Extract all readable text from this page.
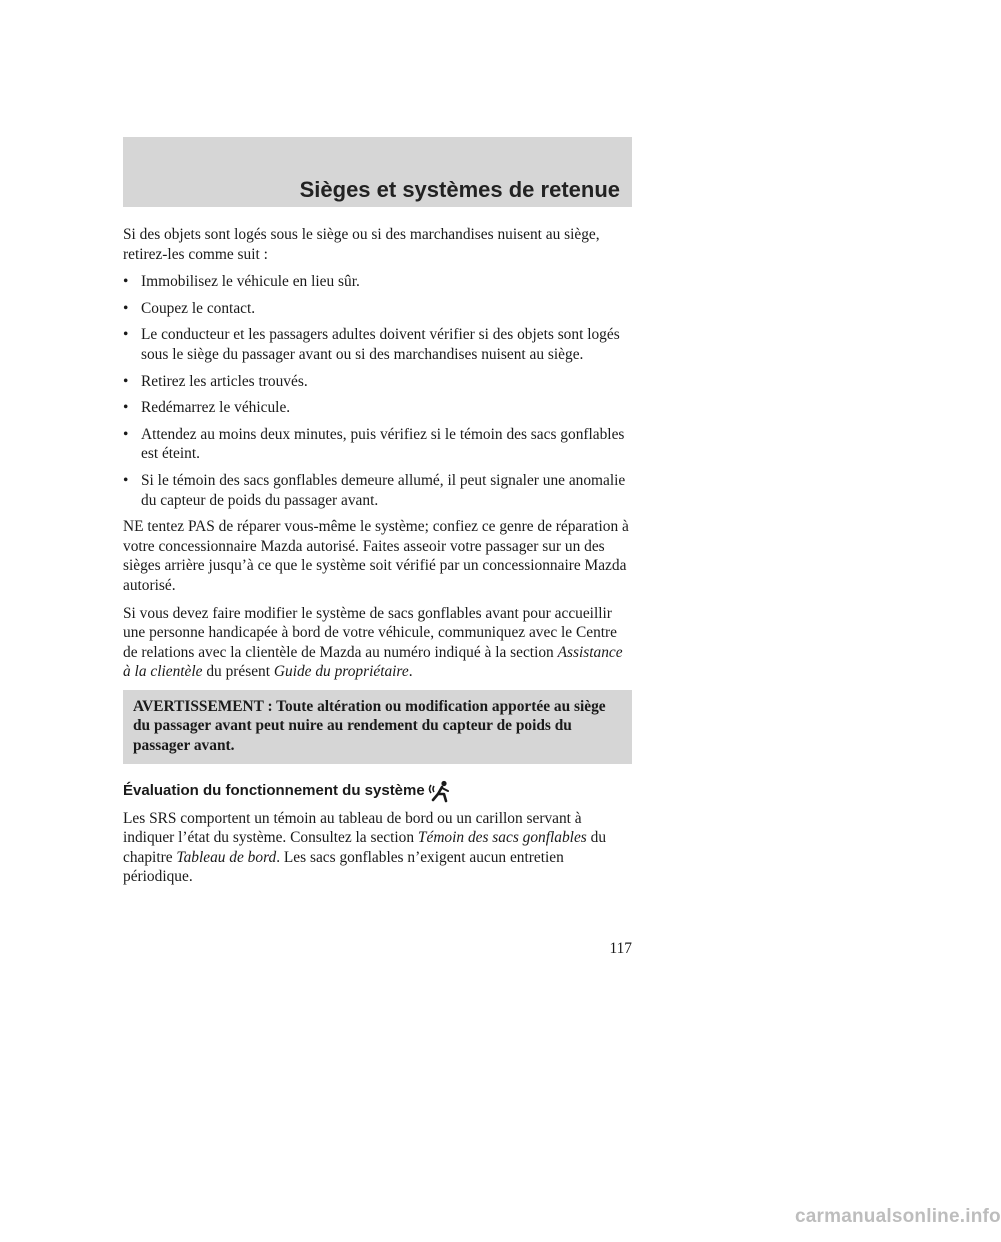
Sièges et systèmes de retenue

Si des objets sont logés sous le siège ou si des marchandises nuisent au siège, retirez-les comme suit :

• Immobilisez le véhicule en lieu sûr.
• Coupez le contact.
• Le conducteur et les passagers adultes doivent vérifier si des objets sont logés sous le siège du passager avant ou si des marchandises nuisent au siège.
• Retirez les articles trouvés.
• Redémarrez le véhicule.
• Attendez au moins deux minutes, puis vérifiez si le témoin des sacs gonflables est éteint.
• Si le témoin des sacs gonflables demeure allumé, il peut signaler une anomalie du capteur de poids du passager avant.

NE tentez PAS de réparer vous-même le système; confiez ce genre de réparation à votre concessionnaire Mazda autorisé. Faites asseoir votre passager sur un des sièges arrière jusqu’à ce que le système soit vérifié par un concessionnaire Mazda autorisé.

Si vous devez faire modifier le système de sacs gonflables avant pour accueillir une personne handicapée à bord de votre véhicule, communiquez avec le Centre de relations avec la clientèle de Mazda au numéro indiqué à la section Assistance à la clientèle du présent Guide du propriétaire.

AVERTISSEMENT : Toute altération ou modification apportée au siège du passager avant peut nuire au rendement du capteur de poids du passager avant.
Évaluation du fonctionnement du système

Les SRS comportent un témoin au tableau de bord ou un carillon servant à indiquer l’état du système. Consultez la section Témoin des sacs gonflables du chapitre Tableau de bord. Les sacs gonflables n’exigent aucun entretien périodique.

117
carmanualsonline.info
